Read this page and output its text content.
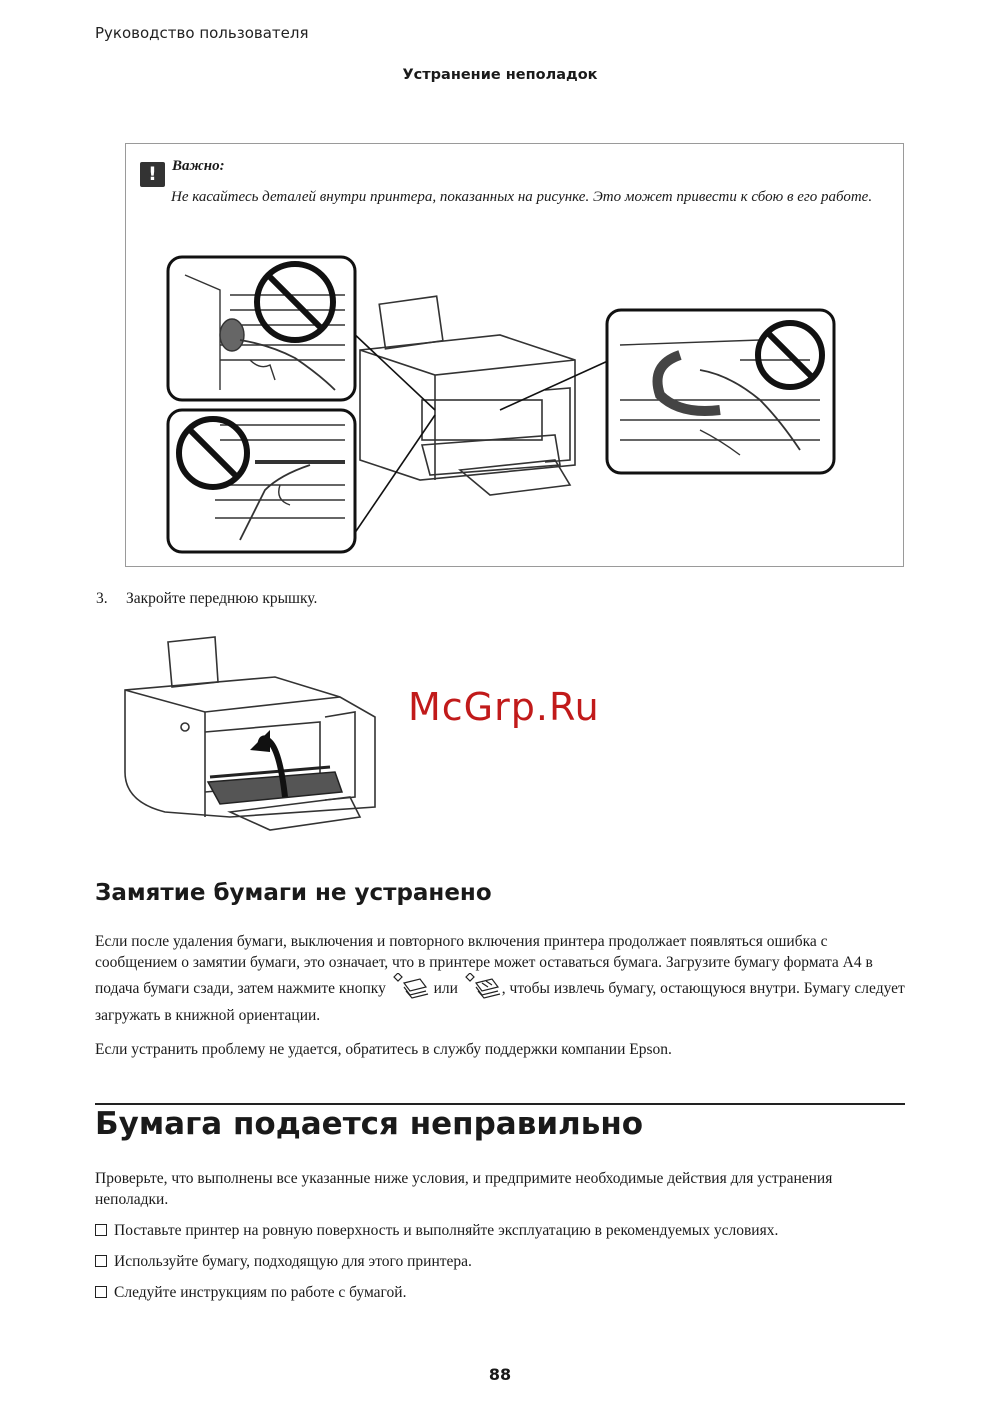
Руководство пользователя
Устранение неполадок
!	Важно:
Не касайтесь деталей внутри принтера, показанных на рисунке. Это может привести к сбою в его работе.
3. Закройте переднюю крышку.
McGrp.Ru
Замятие бумаги не устранено

Если после удаления бумаги, выключения и повторного включения принтера продолжает появляться ошибка с сообщением о замятии бумаги, это означает, что в принтере может оставаться бумага. Загрузите бумагу формата А4 в подача бумаги сзади, затем нажмите кнопку	или	, чтобы извлечь бумагу, остающуюся внутри. Бумагу следует загружать в книжной ориентации.

Если устранить проблему не удается, обратитесь в службу поддержки компании Epson.

Бумага подается неправильно

Проверьте, что выполнены все указанные ниже условия, и предпримите необходимые действия для устранения неполадки.

Поставьте принтер на ровную поверхность и выполняйте эксплуатацию в рекомендуемых условиях.
Используйте бумагу, подходящую для этого принтера.
Следуйте инструкциям по работе с бумагой.
88
